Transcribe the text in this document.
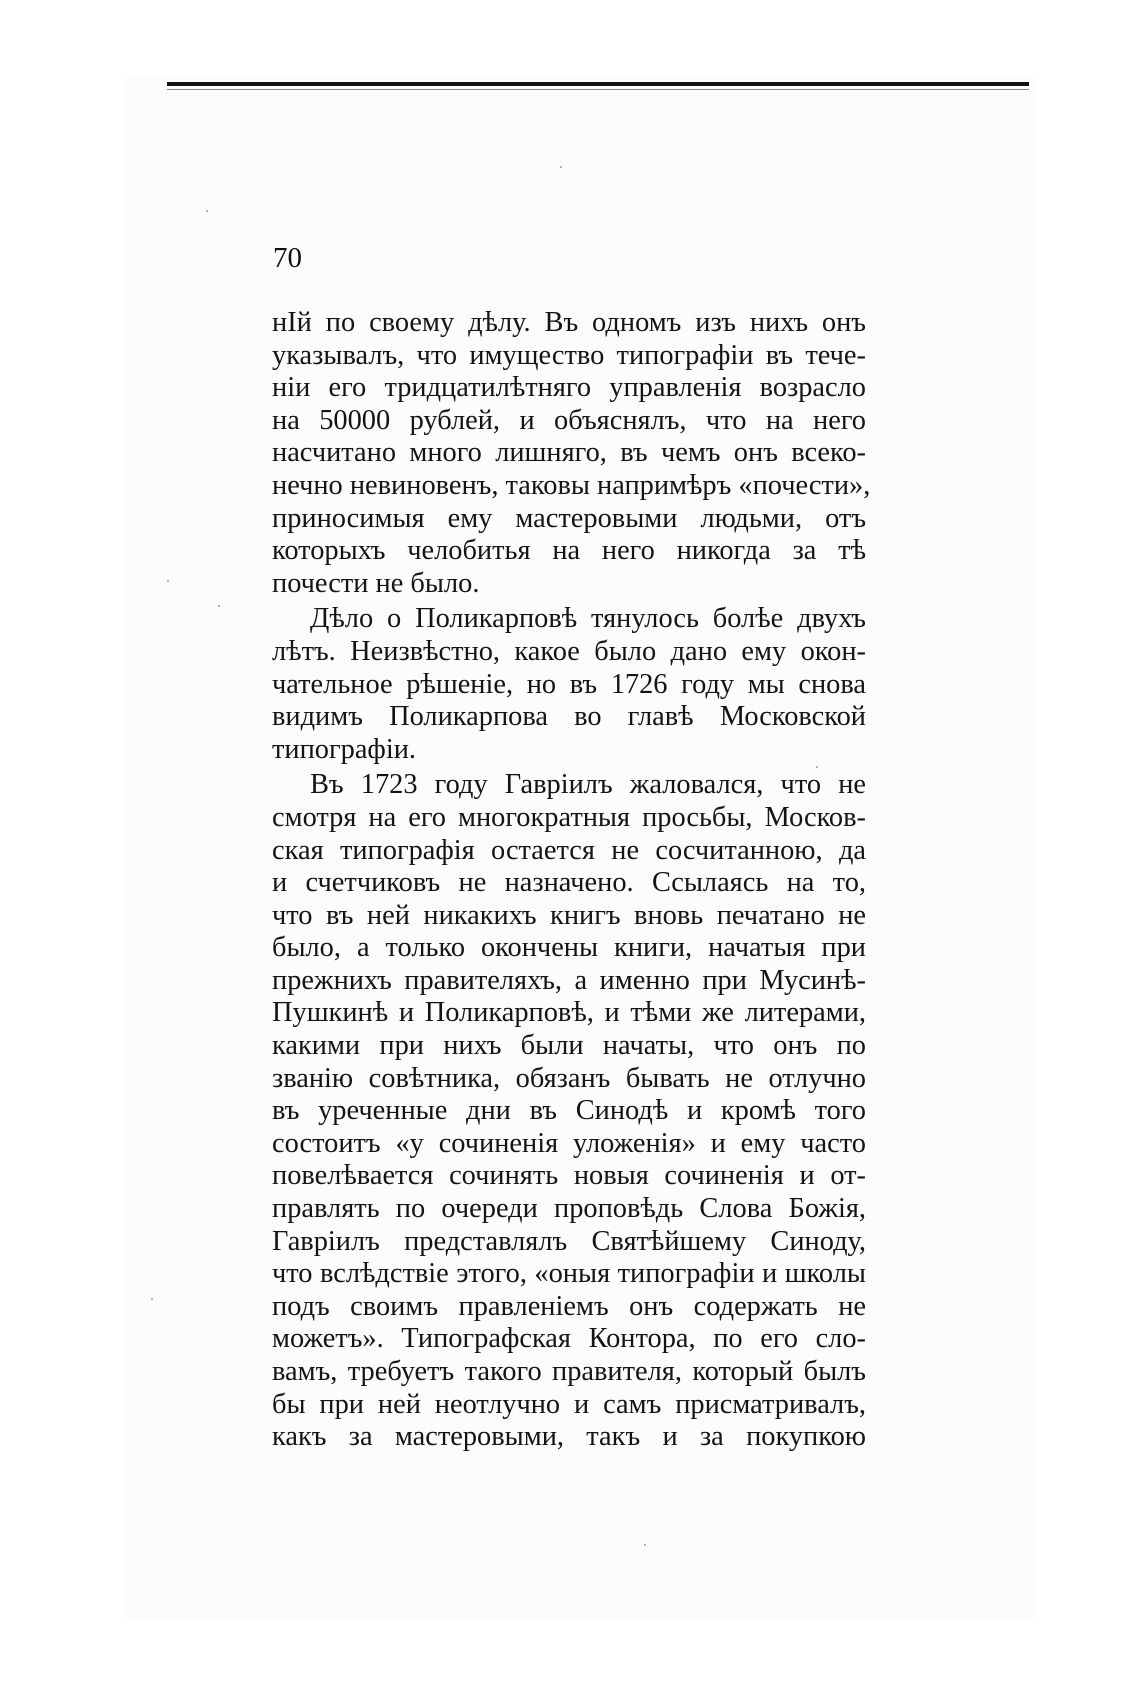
70
нӀй по своему дѣлу. Въ одномъ изъ нихъ онъ
указывалъ, что имущество типографіи въ тече-
ніи его тридцатилѣтняго управленія возрасло
на 50000 рублей, и объяснялъ, что на него
насчитано много лишняго, въ чемъ онъ всеко-
нечно невиновенъ, таковы напримѣръ «почести»,
приносимыя ему мастеровыми людьми, отъ
которыхъ челобитья на него никогда за тѣ
почести не было.
Дѣло о Поликарповѣ тянулось болѣе двухъ
лѣтъ. Неизвѣстно, какое было дано ему окон-
чательное рѣшеніе, но въ 1726 году мы снова
видимъ Поликарпова во главѣ Московской
типографіи.
Въ 1723 году Гавріилъ жаловался, что не
смотря на его многократныя просьбы, Москов-
ская типографія остается не сосчитанною, да
и счетчиковъ не назначено. Ссылаясь на то,
что въ ней никакихъ книгъ вновь печатано не
было, а только окончены книги, начатыя при
прежнихъ правителяхъ, а именно при Мусинѣ-
Пушкинѣ и Поликарповѣ, и тѣми же литерами,
какими при нихъ были начаты, что онъ по
званію совѣтника, обязанъ бывать не отлучно
въ уреченные дни въ Синодѣ и кромѣ того
состоитъ «у сочиненія уложенія» и ему часто
повелѣвается сочинять новыя сочиненія и от-
правлять по очереди проповѣдь Слова Божія,
Гавріилъ представлялъ Святѣйшему Синоду,
что вслѣдствіе этого, «оныя типографіи и школы
подъ своимъ правленіемъ онъ содержать не
можетъ». Типографская Контора, по его сло-
вамъ, требуетъ такого правителя, который былъ
бы при ней неотлучно и самъ присматривалъ,
какъ за мастеровыми, такъ и за покупкою
